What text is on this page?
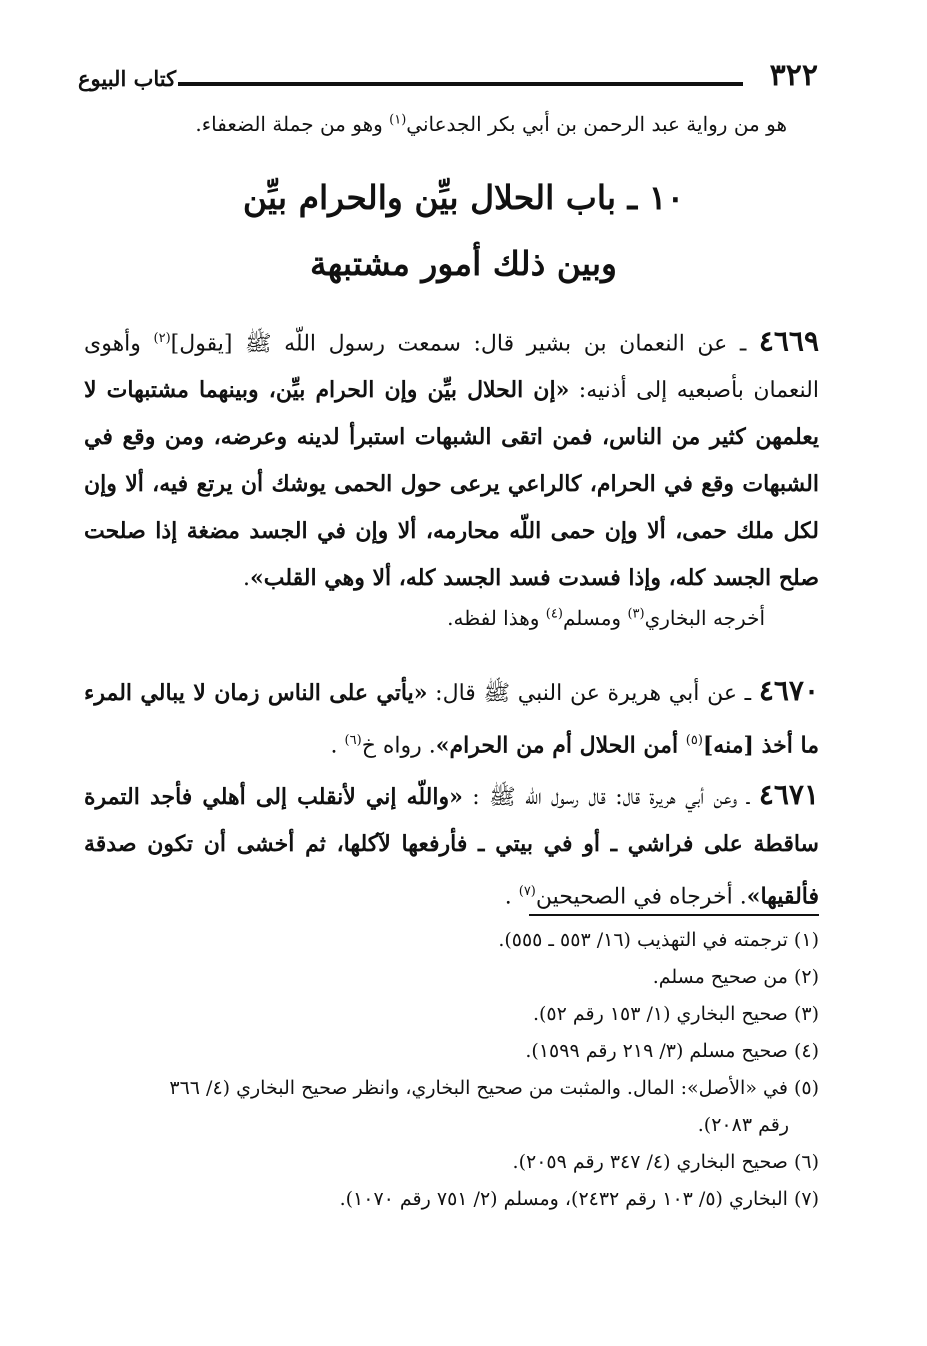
٣٢٢
كتاب البيوع
هو من رواية عبد الرحمن بن أبي بكر الجدعاني$^{(١)}$ وهو من جملة الضعفاء.
١٠ ـ باب الحلال بيِّن والحرام بيِّن
وبين ذلك أمور مشتبهة
٤٦٦٩ ـ عن النعمان بن بشير قال: سمعت رسول اللّه ﷺ [يقول]$^{(٢)}$ وأهوى النعمان بأصبعيه إلى أذنيه: «إن الحلال بيِّن وإن الحرام بيِّن، وبينهما مشتبهات لا يعلمهن كثير من الناس، فمن اتقى الشبهات استبرأ لدينه وعرضه، ومن وقع في الشبهات وقع في الحرام، كالراعي يرعى حول الحمى يوشك أن يرتع فيه، ألا وإن لكل ملك حمى، ألا وإن حمى اللّه محارمه، ألا وإن في الجسد مضغة إذا صلحت صلح الجسد كله، وإذا فسدت فسد الجسد كله، ألا وهي القلب».
أخرجه البخاري$^{(٣)}$ ومسلم$^{(٤)}$ وهذا لفظه.
٤٦٧٠ ـ عن أبي هريرة عن النبي ﷺ قال: «يأتي على الناس زمان لا يبالي المرء ما أخذ [منه]$^{(٥)}$ أمن الحلال أم من الحرام». رواه خ$^{(٦)}$ .
٤٦٧١ ـ وعن أبي هريرة قال: قال رسول اللّه ﷺ : «واللّه إني لأنقلب إلى أهلي فأجد التمرة ساقطة على فراشي ـ أو في بيتي ـ فأرفعها لآكلها، ثم أخشى أن تكون صدقة فألقيها». أخرجاه في الصحيحين$^{(٧)}$ .
(١) ترجمته في التهذيب (١٦/ ٥٥٣ ـ ٥٥٥).
(٢) من صحيح مسلم.
(٣) صحيح البخاري (١/ ١٥٣ رقم ٥٢).
(٤) صحيح مسلم (٣/ ٢١٩ رقم ١٥٩٩).
(٥) في «الأصل»: المال. والمثبت من صحيح البخاري، وانظر صحيح البخاري (٤/ ٣٦٦
رقم ٢٠٨٣).
(٦) صحيح البخاري (٤/ ٣٤٧ رقم ٢٠٥٩).
(٧) البخاري (٥/ ١٠٣ رقم ٢٤٣٢)، ومسلم (٢/ ٧٥١ رقم ١٠٧٠).
